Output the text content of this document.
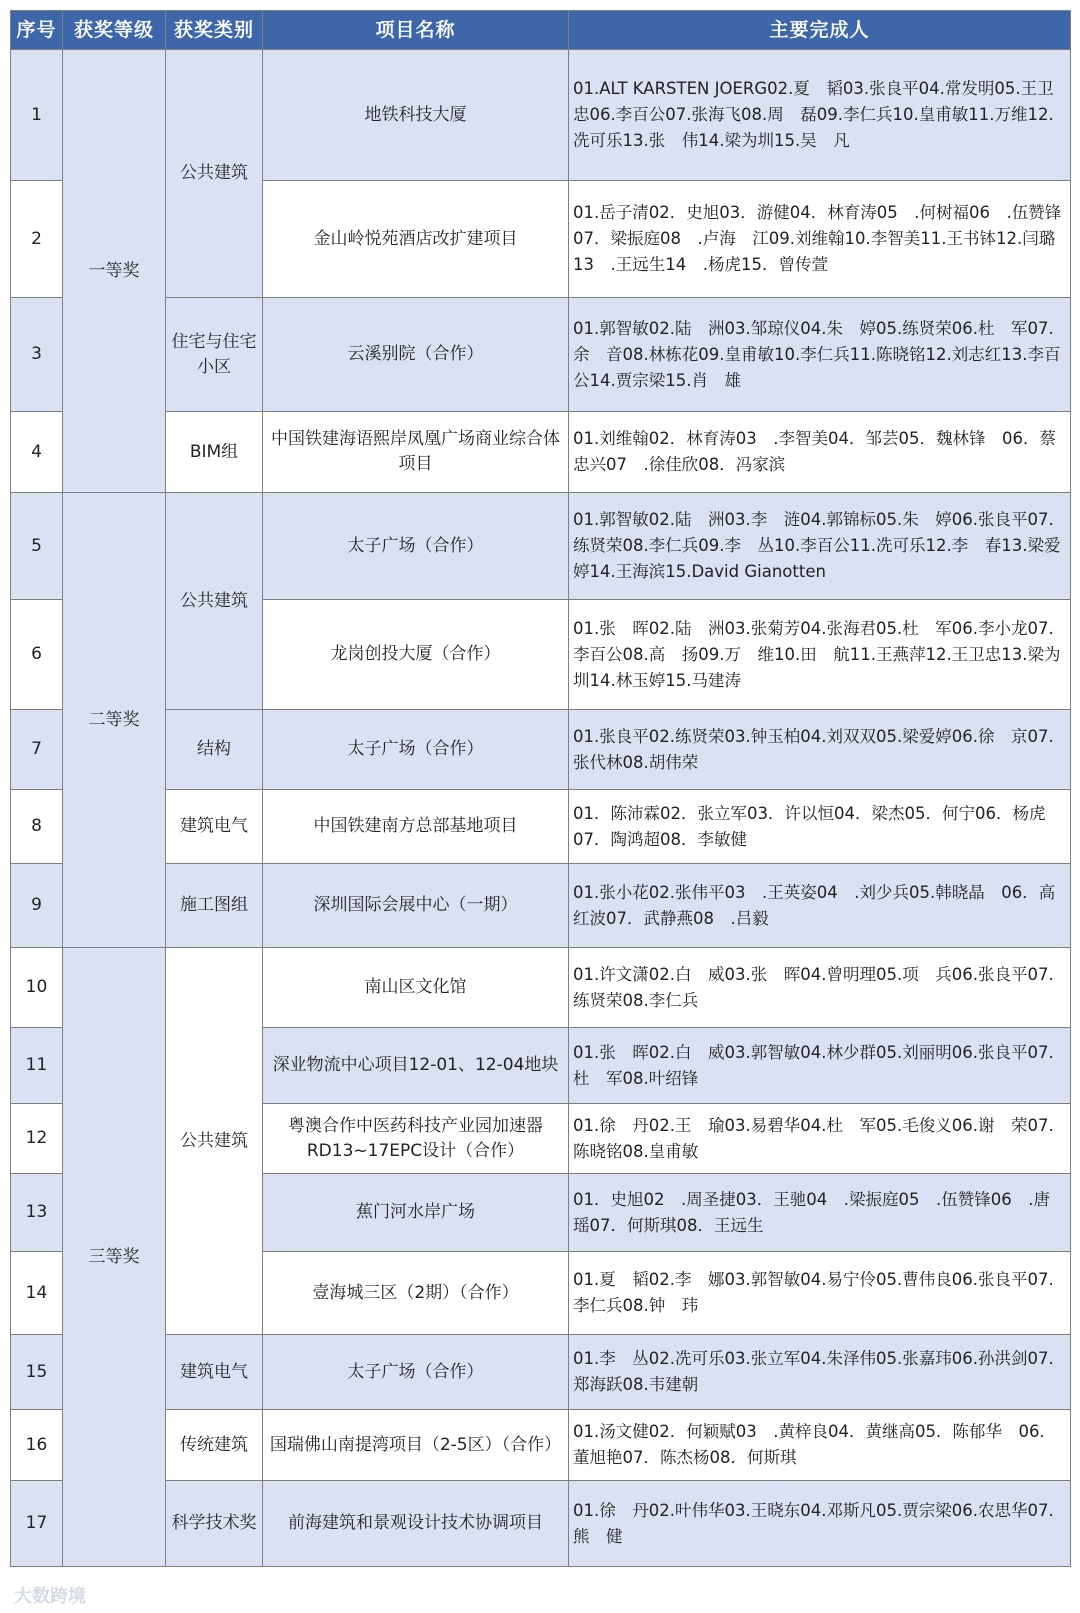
序号	获奖等级	获奖类别	项目名称	主要完成人
1	一等奖	公共建筑	地铁科技大厦	01.ALT KARSTEN JOERG02.夏　韬03.张良平04.常发明05.王卫忠06.李百公07.张海飞08.周　磊09.李仁兵10.皇甫敏11.万维12.冼可乐13.张　伟14.梁为圳15.吴　凡
2			金山岭悦苑酒店改扩建项目	01.岳子清02．史旭03．游健04．林育涛05　.何树福06　.伍赞锋07．梁振庭08　.卢海　江09.刘维翰10.李智美11.王书钵12.闫璐13　.王远生14　.杨虎15．曾传萱
3		住宅与住宅小区	云溪别院（合作）	01.郭智敏02.陆　洲03.邹琼仪04.朱　婷05.练贤荣06.杜　军07.余　音08.林栋花09.皇甫敏10.李仁兵11.陈晓铭12.刘志红13.李百公14.贾宗梁15.肖　雄
4		BIM组	中国铁建海语熙岸凤凰广场商业综合体项目	01.刘维翰02．林育涛03　.李智美04．邹芸05．魏林锋　06．蔡忠兴07　.徐佳欣08．冯家滨
5	二等奖	公共建筑	太子广场（合作）	01.郭智敏02.陆　洲03.李　涟04.郭锦标05.朱　婷06.张良平07.练贤荣08.李仁兵09.李　丛10.李百公11.冼可乐12.李　春13.梁爱婷14.王海滨15.David Gianotten
6			龙岗创投大厦（合作）	01.张　晖02.陆　洲03.张菊芳04.张海君05.杜　军06.李小龙07.李百公08.高　扬09.万　维10.田　航11.王燕萍12.王卫忠13.梁为圳14.林玉婷15.马建涛
7		结构	太子广场（合作）	01.张良平02.练贤荣03.钟玉柏04.刘双双05.梁爱婷06.徐　京07.张代林08.胡伟荣
8		建筑电气	中国铁建南方总部基地项目	01．陈沛霖02．张立军03．许以恒04．梁杰05．何宁06．杨虎07．陶鸿超08．李敏健
9		施工图组	深圳国际会展中心（一期）	01.张小花02.张伟平03　.王英姿04　.刘少兵05.韩晓晶　06．高红波07．武静燕08　.吕毅
10	三等奖	公共建筑	南山区文化馆	01.许文潇02.白　威03.张　晖04.曾明理05.项　兵06.张良平07.练贤荣08.李仁兵
11			深业物流中心项目12-01、12-04地块	01.张　晖02.白　威03.郭智敏04.林少群05.刘丽明06.张良平07.杜　军08.叶绍锋
12			粤澳合作中医药科技产业园加速器RD13~17EPC设计（合作）	01.徐　丹02.王　瑜03.易碧华04.杜　军05.毛俊义06.谢　荣07.陈晓铭08.皇甫敏
13			蕉门河水岸广场	01．史旭02　.周圣捷03．王驰04　.梁振庭05　.伍赞锋06　.唐瑶07．何斯琪08．王远生
14			壹海城三区（2期）（合作）	01.夏　韬02.李　娜03.郭智敏04.易宁伶05.曹伟良06.张良平07.李仁兵08.钟　玮
15		建筑电气	太子广场（合作）	01.李　丛02.冼可乐03.张立军04.朱泽伟05.张嘉玮06.孙洪剑07.郑海跃08.韦建朝
16		传统建筑	国瑞佛山南提湾项目（2-5区）（合作）	01.汤文健02．何颖赋03　.黄梓良04．黄继高05．陈郁华　06．董旭艳07．陈杰杨08．何斯琪
17		科学技术奖	前海建筑和景观设计技术协调项目	01.徐　丹02.叶伟华03.王晓东04.邓斯凡05.贾宗梁06.农思华07.熊　健
大数跨境
